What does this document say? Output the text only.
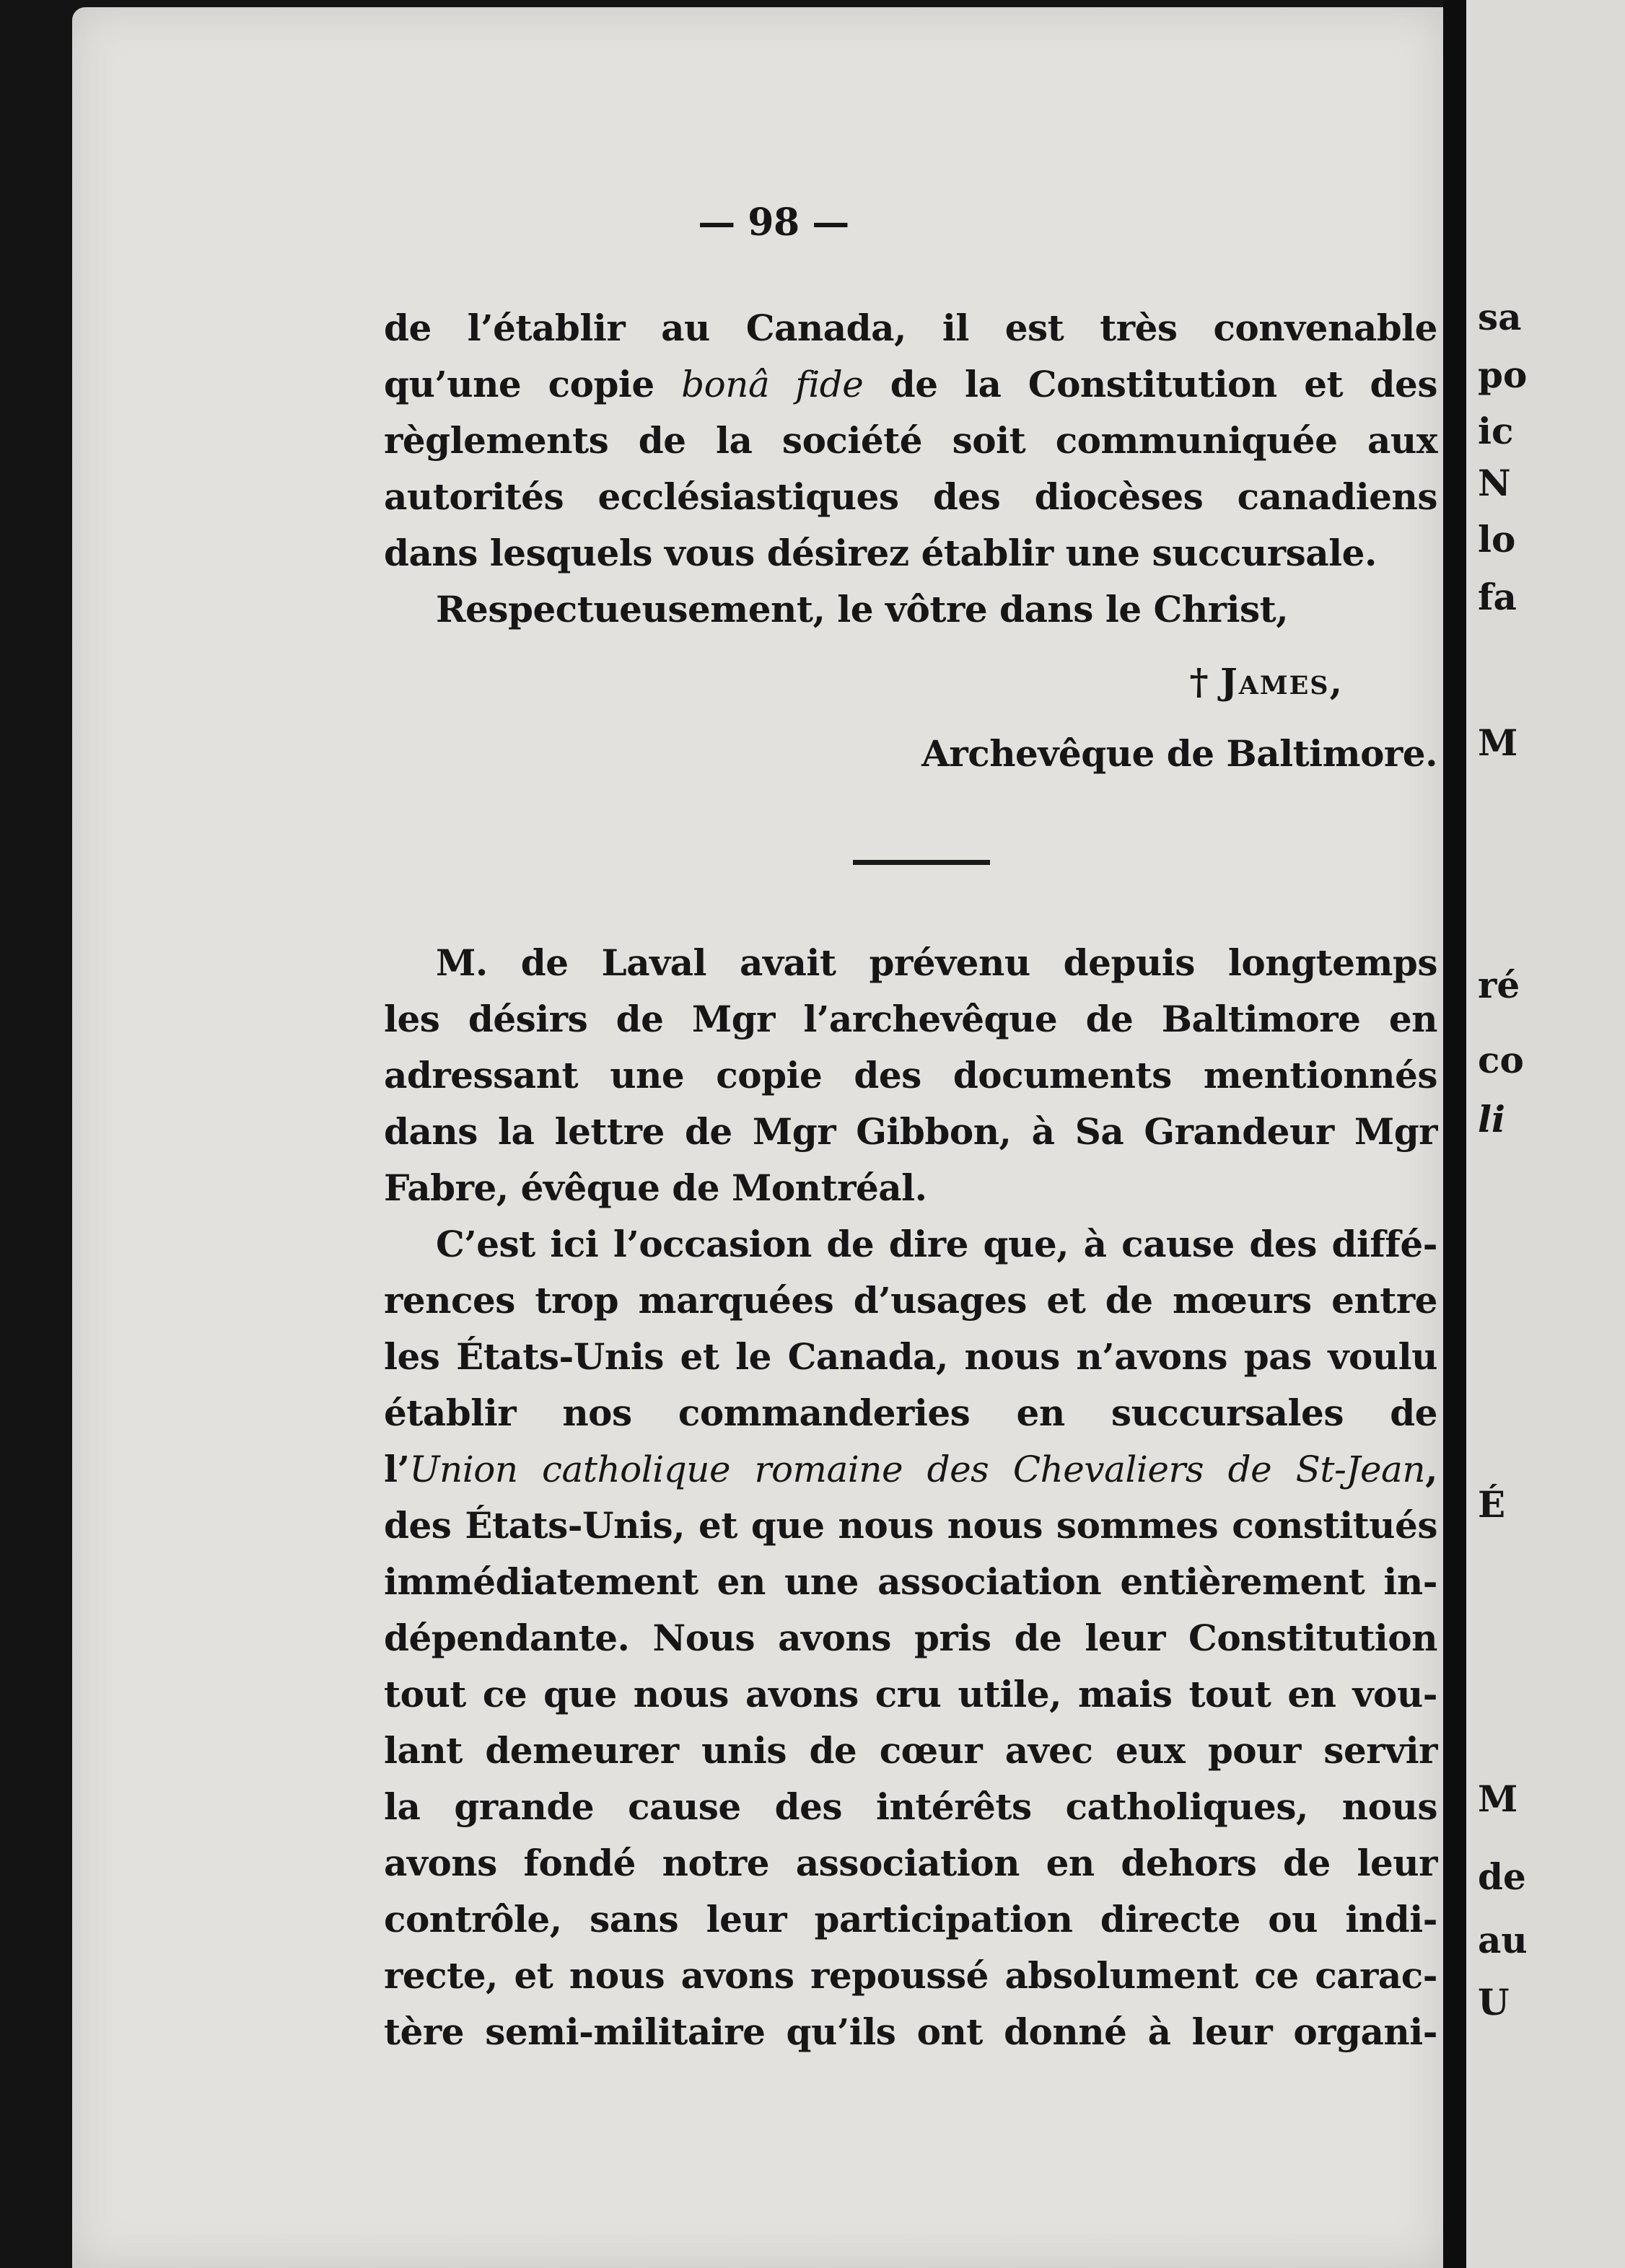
— 98 —
de l’établir au Canada, il est très convenable
qu’une copie bonâ fide de la Constitution et des
règlements de la société soit communiquée aux
autorités ecclésiastiques des diocèses canadiens
dans lesquels vous désirez établir une succursale.
Respectueusement, le vôtre dans le Christ,
† James,
Archevêque de Baltimore.
M. de Laval avait prévenu depuis longtemps
les désirs de Mgr l’archevêque de Baltimore en
adressant une copie des documents mentionnés
dans la lettre de Mgr Gibbon, à Sa Grandeur Mgr
Fabre, évêque de Montréal.
C’est ici l’occasion de dire que, à cause des diffé-
rences trop marquées d’usages et de mœurs entre
les États-Unis et le Canada, nous n’avons pas voulu
établir nos commanderies en succursales de
l’Union catholique romaine des Chevaliers de St-Jean,
des États-Unis, et que nous nous sommes constitués
immédiatement en une association entièrement in-
dépendante. Nous avons pris de leur Constitution
tout ce que nous avons cru utile, mais tout en vou-
lant demeurer unis de cœur avec eux pour servir
la grande cause des intérêts catholiques, nous
avons fondé notre association en dehors de leur
contrôle, sans leur participation directe ou indi-
recte, et nous avons repoussé absolument ce carac-
tère semi-militaire qu’ils ont donné à leur organi-
sa
po
ic
N
lo
fa
M
ré
co
li
É
M
de
au
U
